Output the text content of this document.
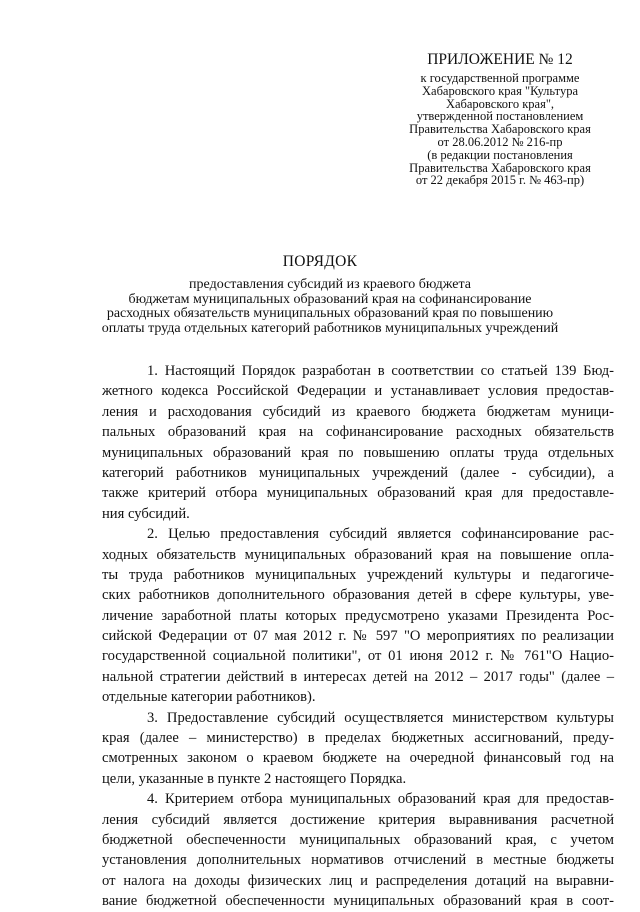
ПРИЛОЖЕНИЕ № 12
к государственной программе
Хабаровского края "Культура
Хабаровского края",
утвержденной постановлением
Правительства Хабаровского края
от 28.06.2012 № 216-пр
(в редакции постановления
Правительства Хабаровского края
от 22 декабря 2015 г. № 463-пр)
ПОРЯДОК
предоставления субсидий из краевого бюджета
бюджетам муниципальных образований края на софинансирование
расходных обязательств муниципальных образований края по повышению
оплаты труда отдельных категорий работников муниципальных учреждений
1. Настоящий Порядок разработан в соответствии со статьей 139 Бюд-
жетного кодекса Российской Федерации и устанавливает условия предостав-
ления и расходования субсидий из краевого бюджета бюджетам муници-
пальных образований края на софинансирование расходных обязательств
муниципальных образований края по повышению оплаты труда отдельных
категорий работников муниципальных учреждений (далее - субсидии), а
также критерий отбора муниципальных образований края для предоставле-
ния субсидий.
2. Целью предоставления субсидий является софинансирование рас-
ходных обязательств муниципальных образований края на повышение опла-
ты труда работников муниципальных учреждений культуры и педагогиче-
ских работников дополнительного образования детей в сфере культуры, уве-
личение заработной платы которых предусмотрено указами Президента Рос-
сийской Федерации от 07 мая 2012 г. № 597 "О мероприятиях по реализации
государственной социальной политики", от 01 июня 2012 г. № 761"О Нацио-
нальной стратегии действий в интересах детей на 2012 – 2017 годы" (далее –
отдельные категории работников).
3. Предоставление субсидий осуществляется министерством культуры
края (далее – министерство) в пределах бюджетных ассигнований, преду-
смотренных законом о краевом бюджете на очередной финансовый год на
цели, указанные в пункте 2 настоящего Порядка.
4. Критерием отбора муниципальных образований края для предостав-
ления субсидий является достижение критерия выравнивания расчетной
бюджетной обеспеченности муниципальных образований края, с учетом
установления дополнительных нормативов отчислений в местные бюджеты
от налога на доходы физических лиц и распределения дотаций на выравни-
вание бюджетной обеспеченности муниципальных образований края в соот-
